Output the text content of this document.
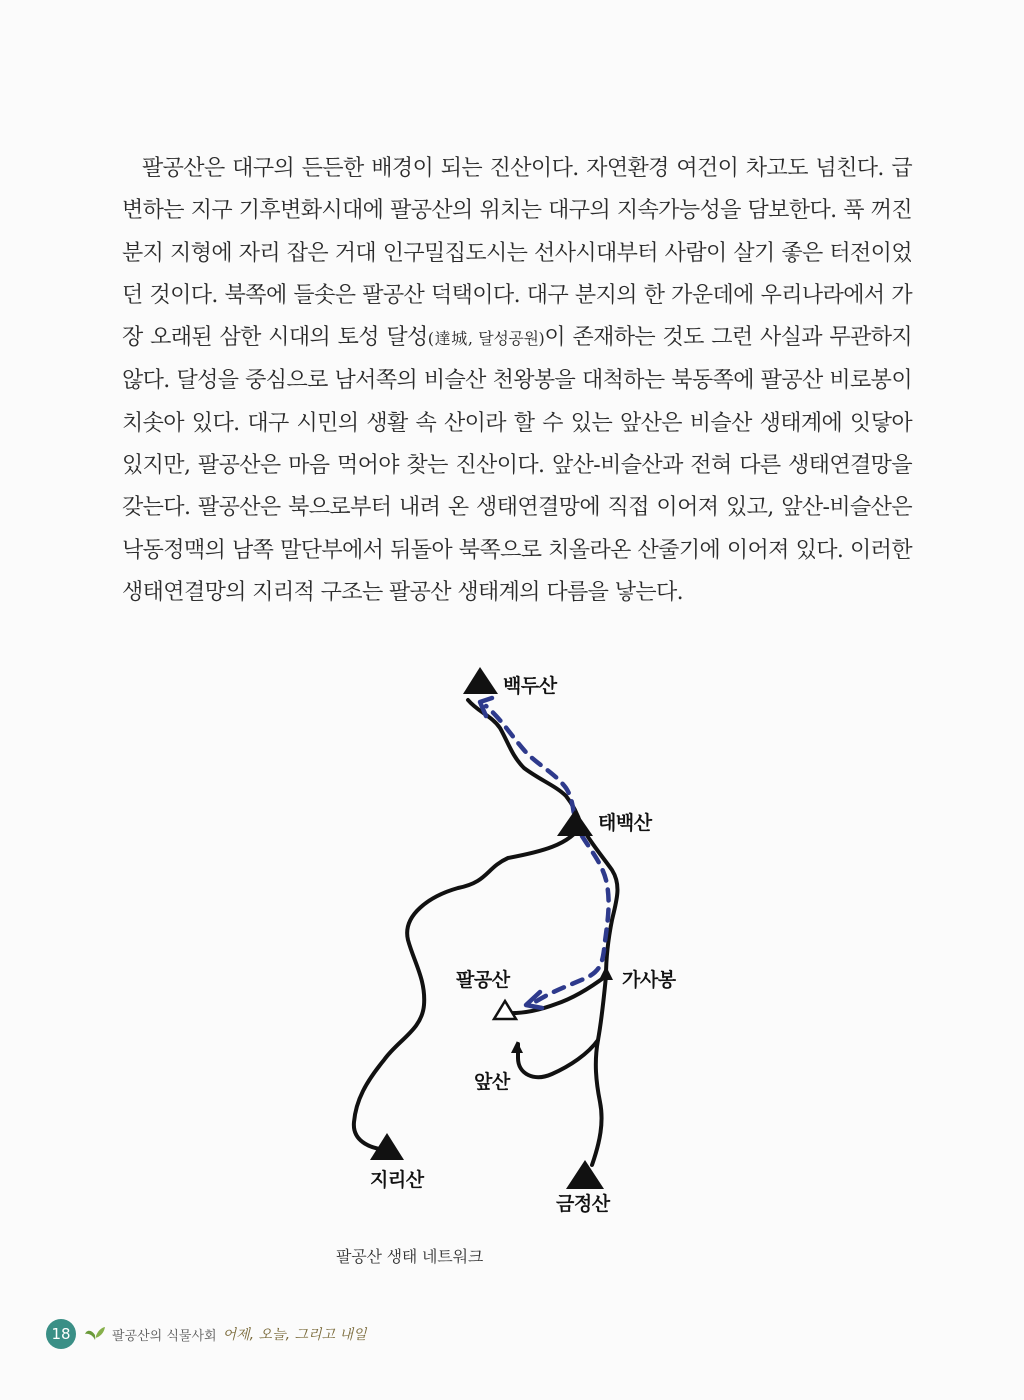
팔공산은 대구의 든든한 배경이 되는 진산이다. 자연환경 여건이 차고도 넘친다. 급변하는 지구 기후변화시대에 팔공산의 위치는 대구의 지속가능성을 담보한다. 푹 꺼진 분지 지형에 자리 잡은 거대 인구밀집도시는 선사시대부터 사람이 살기 좋은 터전이었던 것이다. 북쪽에 들솟은 팔공산 덕택이다. 대구 분지의 한 가운데에 우리나라에서 가장 오래된 삼한 시대의 토성 달성(達城, 달성공원)이 존재하는 것도 그런 사실과 무관하지 않다. 달성을 중심으로 남서쪽의 비슬산 천왕봉을 대척하는 북동쪽에 팔공산 비로봉이 치솟아 있다. 대구 시민의 생활 속 산이라 할 수 있는 앞산은 비슬산 생태계에 잇닿아 있지만, 팔공산은 마음 먹어야 찾는 진산이다. 앞산-비슬산과 전혀 다른 생태연결망을 갖는다. 팔공산은 북으로부터 내려 온 생태연결망에 직접 이어져 있고, 앞산-비슬산은 낙동정맥의 남쪽 말단부에서 뒤돌아 북쪽으로 치올라온 산줄기에 이어져 있다. 이러한 생태연결망의 지리적 구조는 팔공산 생태계의 다름을 낳는다.

백두산
태백산
가사봉
팔공산
앞산
지리산
금정산
팔공산 생태 네트워크
18	팔공산의 식물사회 어제, 오늘, 그리고 내일
